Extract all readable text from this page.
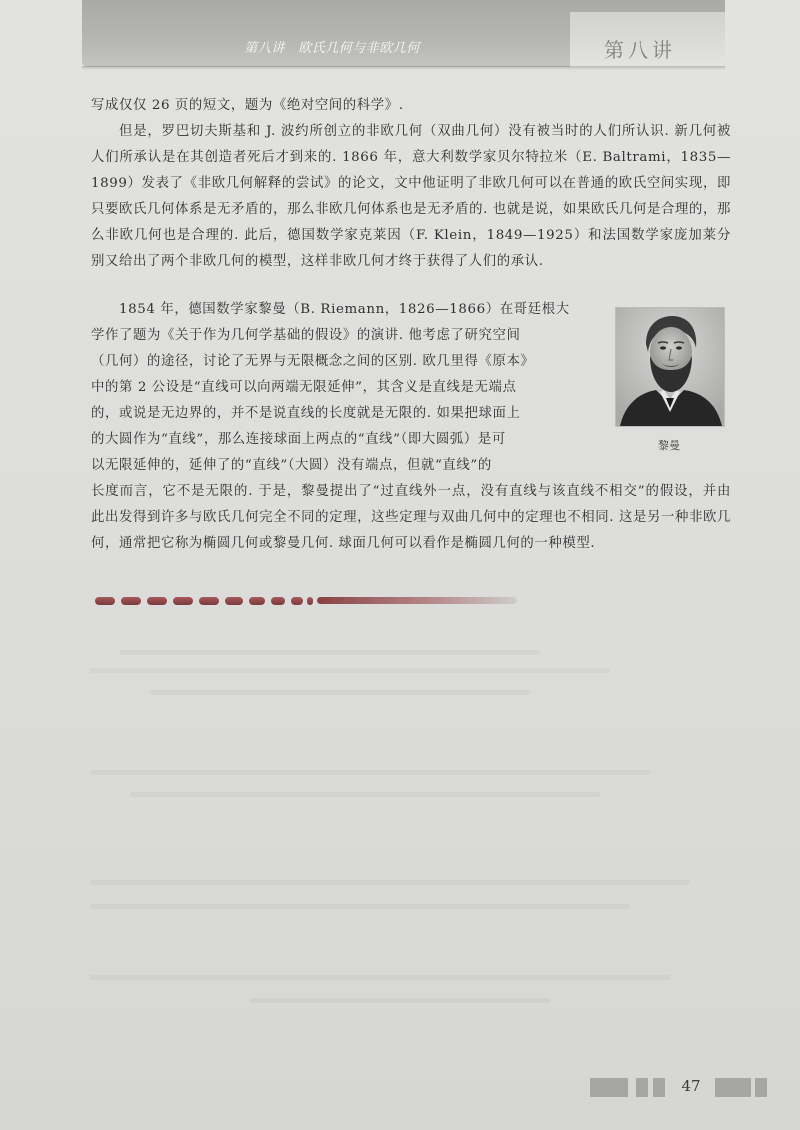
第八讲　欧氏几何与非欧几何	第八讲

写成仅仅 26 页的短文，题为《绝对空间的科学》.

但是，罗巴切夫斯基和 J. 波约所创立的非欧几何（双曲几何）没有被当时的人们所认识. 新几何被人们所承认是在其创造者死后才到来的. 1866 年，意大利数学家贝尔特拉米（E. Baltrami，1835—1899）发表了《非欧几何解释的尝试》的论文，文中他证明了非欧几何可以在普通的欧氏空间实现，即只要欧氏几何体系是无矛盾的，那么非欧几何体系也是无矛盾的. 也就是说，如果欧氏几何是合理的，那么非欧几何也是合理的. 此后，德国数学家克莱因（F. Klein，1849—1925）和法国数学家庞加莱分别又给出了两个非欧几何的模型，这样非欧几何才终于获得了人们的承认.

1854 年，德国数学家黎曼（B. Riemann，1826—1866）在哥廷根大
学作了题为《关于作为几何学基础的假设》的演讲. 他考虑了研究空间
（几何）的途径，讨论了无界与无限概念之间的区别. 欧几里得《原本》
中的第 2 公设是“直线可以向两端无限延伸”，其含义是直线是无端点
的，或说是无边界的，并不是说直线的长度就是无限的. 如果把球面上
的大圆作为“直线”，那么连接球面上两点的“直线”（即大圆弧）是可
以无限延伸的，延伸了的“直线”（大圆）没有端点，但就“直线”的
长度而言，它不是无限的. 于是，黎曼提出了“过直线外一点，没有直线与该直线不相交”的假设，并由此出发得到许多与欧氏几何完全不同的定理，这些定理与双曲几何中的定理也不相同. 这是另一种非欧几何，通常把它称为椭圆几何或黎曼几何. 球面几何可以看作是椭圆几何的一种模型.
黎曼
47
